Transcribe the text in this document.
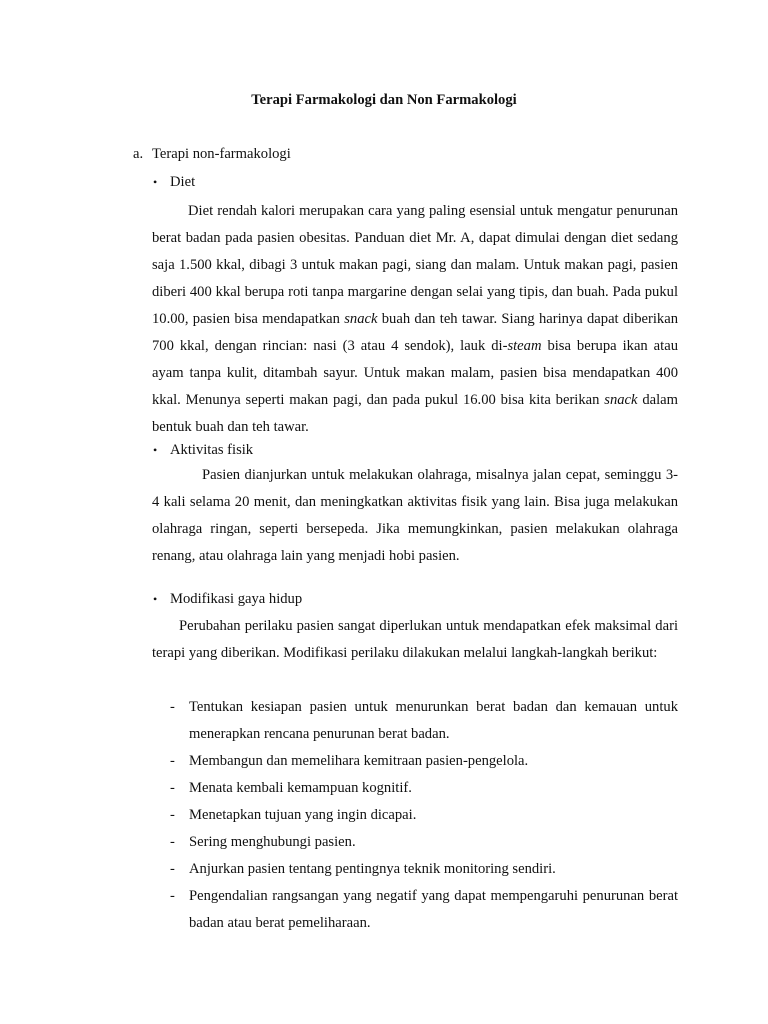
Terapi Farmakologi dan Non Farmakologi

a. Terapi non-farmakologi

• Diet

Diet rendah kalori merupakan cara yang paling esensial untuk mengatur penurunan berat badan pada pasien obesitas. Panduan diet Mr. A, dapat dimulai dengan diet sedang saja 1.500 kkal, dibagi 3 untuk makan pagi, siang dan malam. Untuk makan pagi, pasien diberi 400 kkal berupa roti tanpa margarine dengan selai yang tipis, dan buah. Pada pukul 10.00, pasien bisa mendapatkan snack buah dan teh tawar. Siang harinya dapat diberikan 700 kkal, dengan rincian: nasi (3 atau 4 sendok), lauk di-steam bisa berupa ikan atau ayam tanpa kulit, ditambah sayur. Untuk makan malam, pasien bisa mendapatkan 400 kkal. Menunya seperti makan pagi, dan pada pukul 16.00 bisa kita berikan snack dalam bentuk buah dan teh tawar.

• Aktivitas fisik

Pasien dianjurkan untuk melakukan olahraga, misalnya jalan cepat, seminggu 3-4 kali selama 20 menit, dan meningkatkan aktivitas fisik yang lain. Bisa juga melakukan olahraga ringan, seperti bersepeda. Jika memungkinkan, pasien melakukan olahraga renang, atau olahraga lain yang menjadi hobi pasien.

• Modifikasi gaya hidup

Perubahan perilaku pasien sangat diperlukan untuk mendapatkan efek maksimal dari terapi yang diberikan. Modifikasi perilaku dilakukan melalui langkah-langkah berikut:

- Tentukan kesiapan pasien untuk menurunkan berat badan dan kemauan untuk menerapkan rencana penurunan berat badan.
- Membangun dan memelihara kemitraan pasien-pengelola.
- Menata kembali kemampuan kognitif.
- Menetapkan tujuan yang ingin dicapai.
- Sering menghubungi pasien.
- Anjurkan pasien tentang pentingnya teknik monitoring sendiri.
- Pengendalian rangsangan yang negatif yang dapat mempengaruhi penurunan berat badan atau berat pemeliharaan.
